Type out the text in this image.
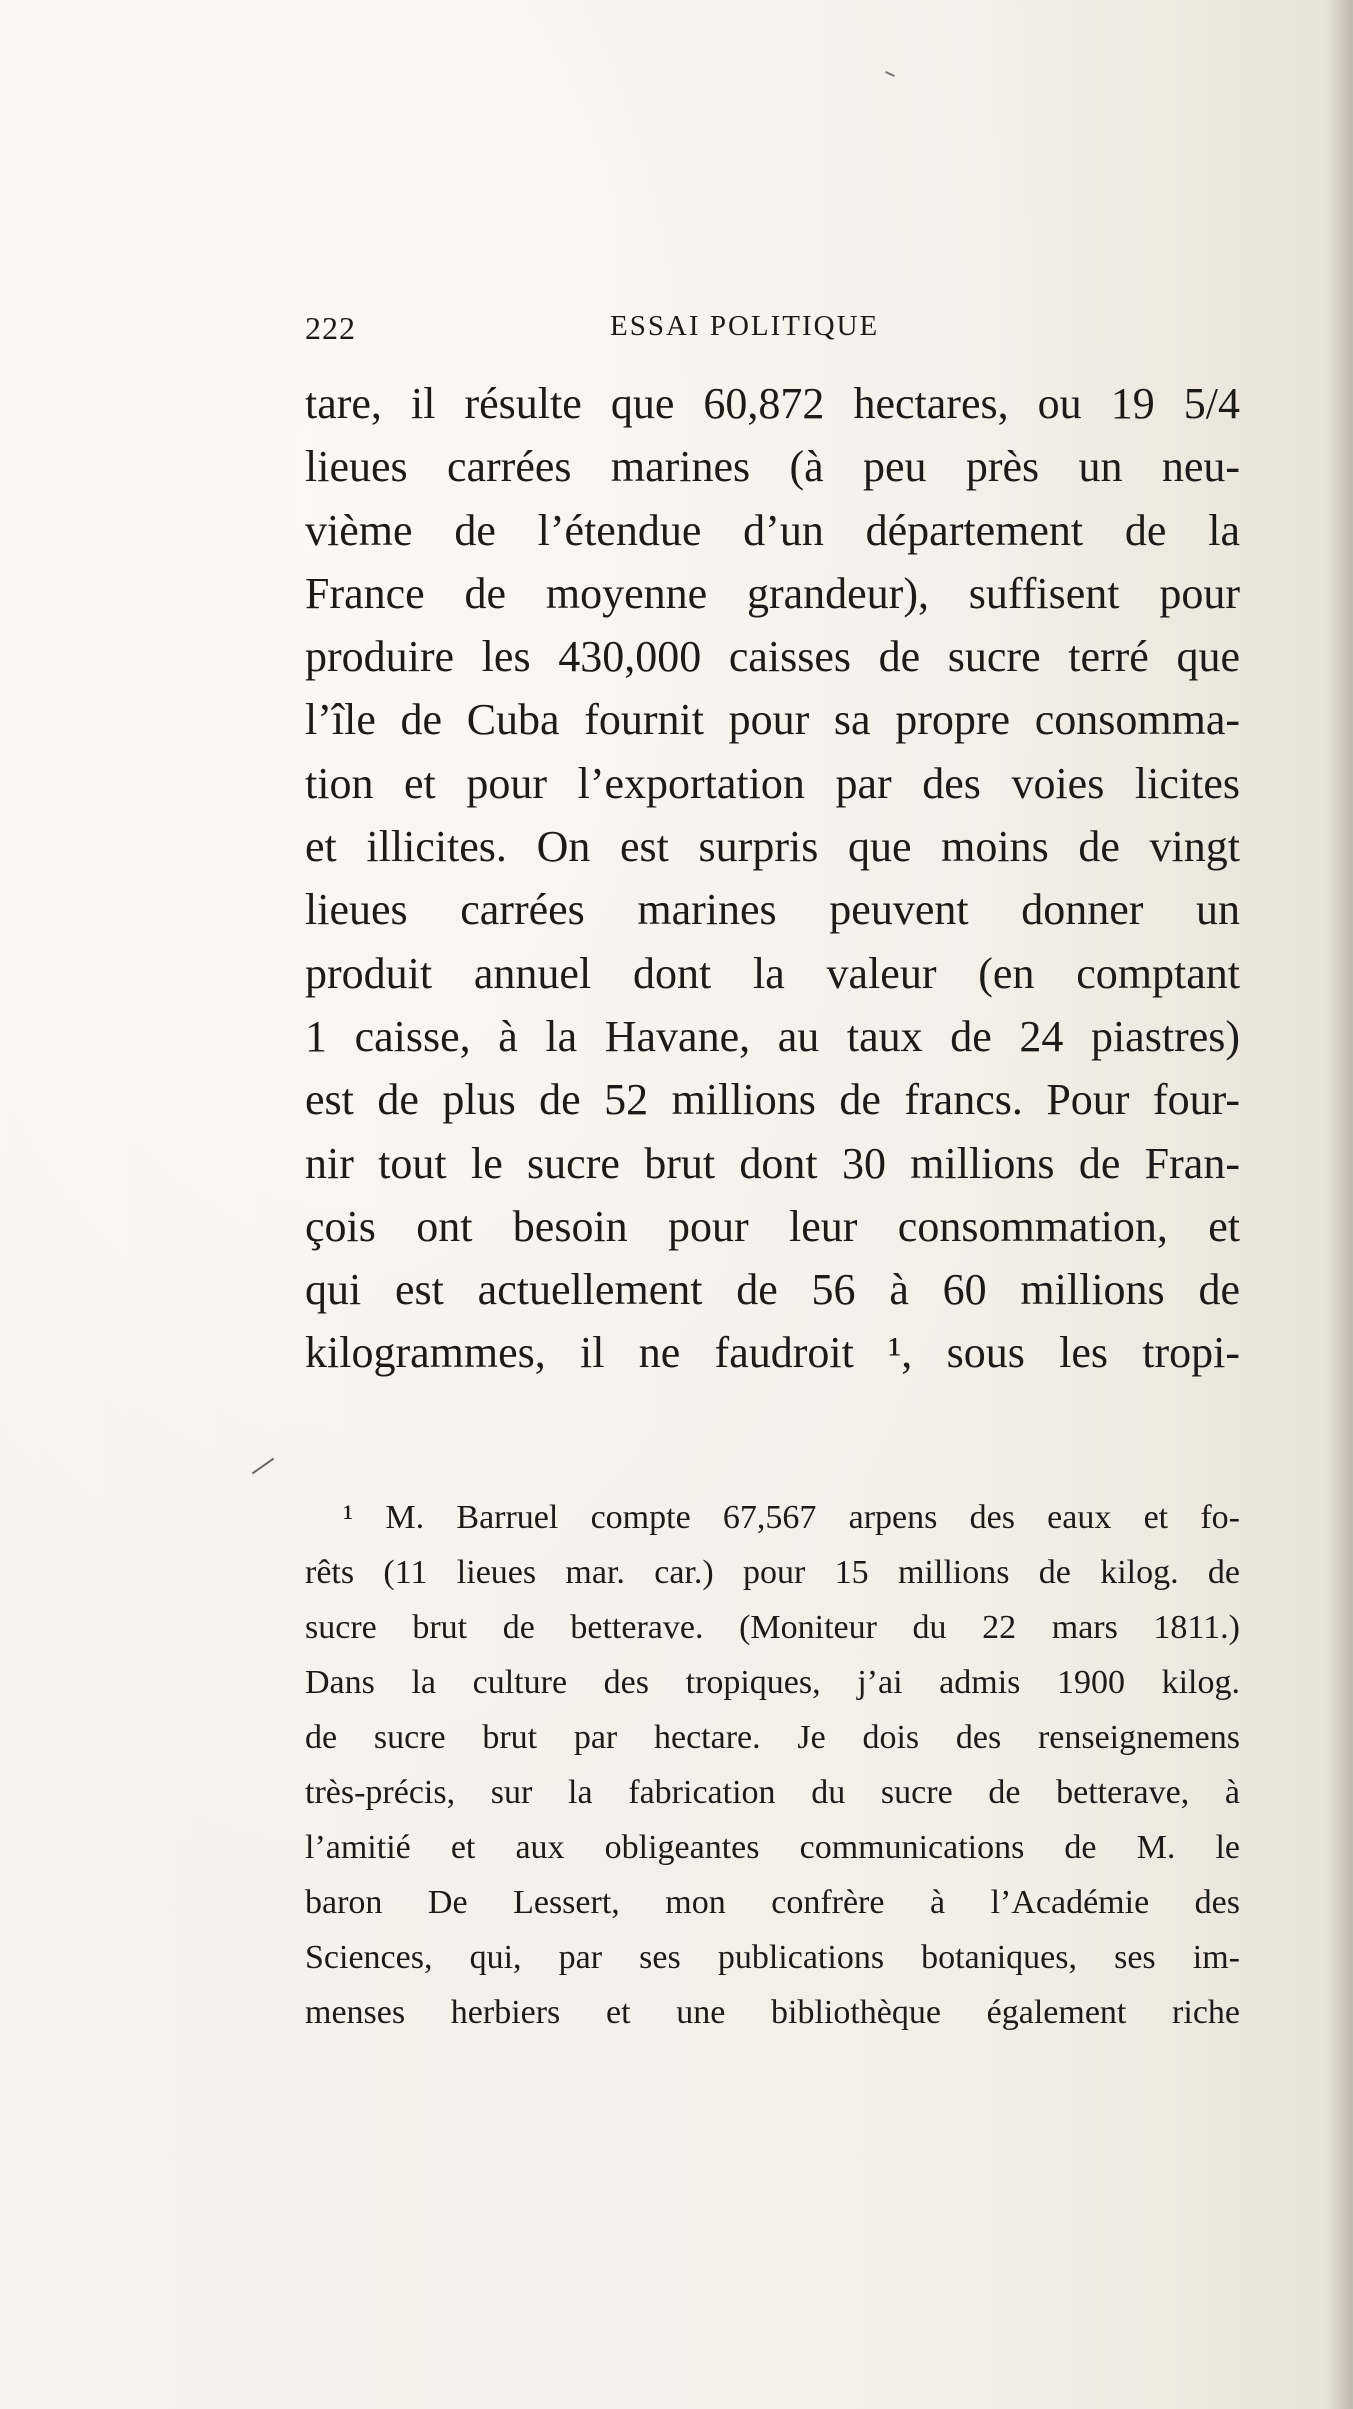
222	ESSAI POLITIQUE
tare, il résulte que 60,872 hectares, ou 19 5/4
lieues carrées marines (à peu près un neu-
vième de l’étendue d’un département de la
France de moyenne grandeur), suffisent pour
produire les 430,000 caisses de sucre terré que
l’île de Cuba fournit pour sa propre consomma-
tion et pour l’exportation par des voies licites
et illicites. On est surpris que moins de vingt
lieues carrées marines peuvent donner un
produit annuel dont la valeur (en comptant
1 caisse, à la Havane, au taux de 24 piastres)
est de plus de 52 millions de francs. Pour four-
nir tout le sucre brut dont 30 millions de Fran-
çois ont besoin pour leur consommation, et
qui est actuellement de 56 à 60 millions de
kilogrammes, il ne faudroit ¹, sous les tropi-
¹ M. Barruel compte 67,567 arpens des eaux et fo-
rêts (11 lieues mar. car.) pour 15 millions de kilog. de
sucre brut de betterave. (Moniteur du 22 mars 1811.)
Dans la culture des tropiques, j’ai admis 1900 kilog.
de sucre brut par hectare. Je dois des renseignemens
très-précis, sur la fabrication du sucre de betterave, à
l’amitié et aux obligeantes communications de M. le
baron De Lessert, mon confrère à l’Académie des
Sciences, qui, par ses publications botaniques, ses im-
menses herbiers et une bibliothèque également riche
